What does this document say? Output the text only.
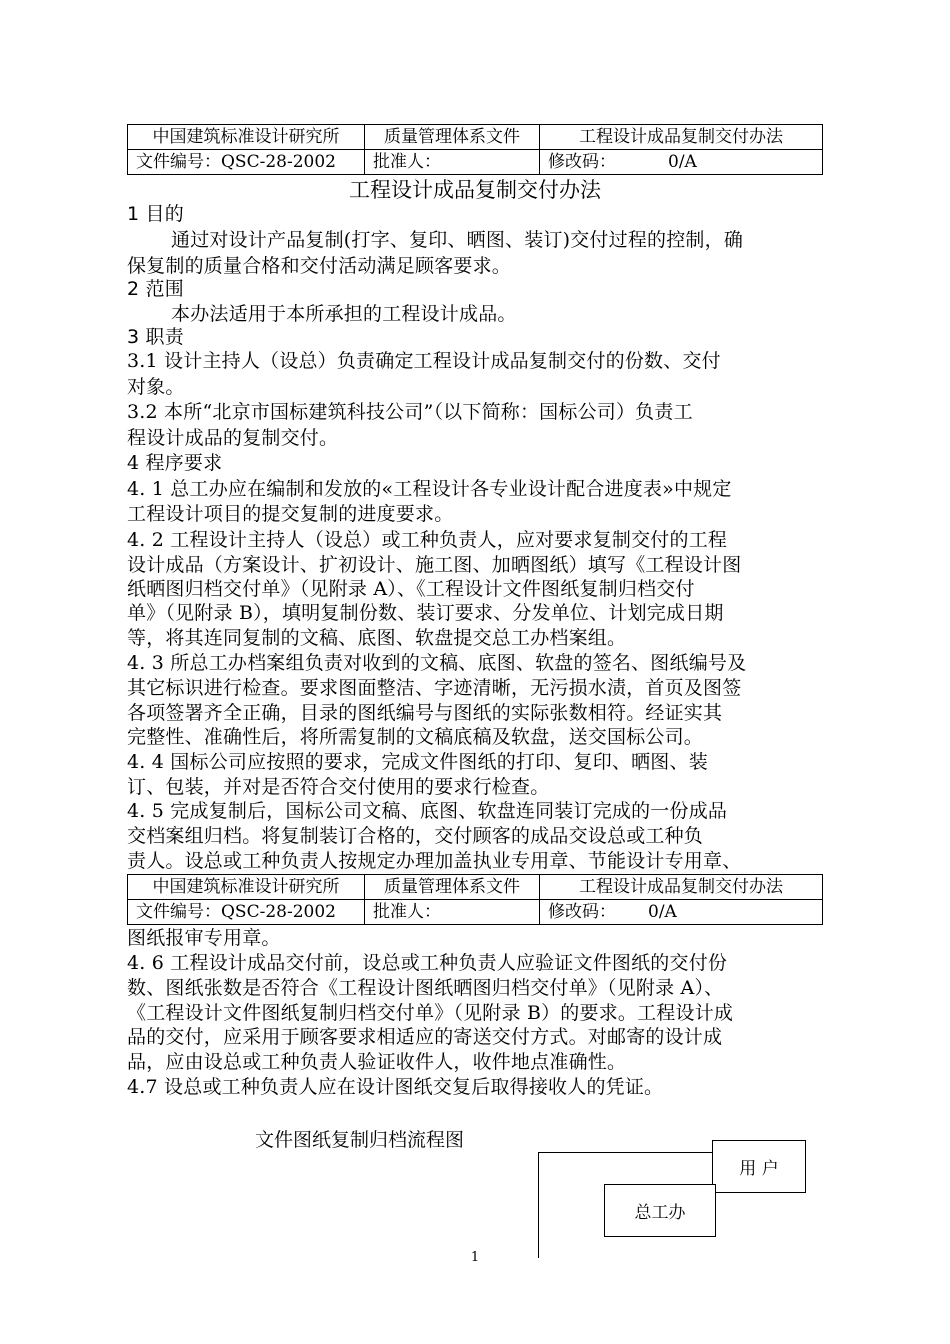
中国建筑标准设计研究所	质量管理体系文件	工程设计成品复制交付办法
文件编号：QSC-28-2002	批准人：	修改码： 0/A
工程设计成品复制交付办法
1 目的
通过对设计产品复制(打字、复印、晒图、装订)交付过程的控制，确
保复制的质量合格和交付活动满足顾客要求。
2 范围
本办法适用于本所承担的工程设计成品。
3 职责
3.1 设计主持人（设总）负责确定工程设计成品复制交付的份数、交付
对象。
3.2 本所“北京市国标建筑科技公司”（以下简称：国标公司）负责工
程设计成品的复制交付。
4 程序要求
4. 1 总工办应在编制和发放的«工程设计各专业设计配合进度表»中规定
工程设计项目的提交复制的进度要求。
4. 2 工程设计主持人（设总）或工种负责人，应对要求复制交付的工程
设计成品（方案设计、扩初设计、施工图、加晒图纸）填写《工程设计图
纸晒图归档交付单》（见附录 A）、《工程设计文件图纸复制归档交付
单》（见附录 B），填明复制份数、装订要求、分发单位、计划完成日期
等，将其连同复制的文稿、底图、软盘提交总工办档案组。
4. 3 所总工办档案组负责对收到的文稿、底图、软盘的签名、图纸编号及
其它标识进行检查。要求图面整洁、字迹清晰，无污损水渍，首页及图签
各项签署齐全正确，目录的图纸编号与图纸的实际张数相符。经证实其
完整性、准确性后，将所需复制的文稿底稿及软盘，送交国标公司。
4. 4 国标公司应按照的要求，完成文件图纸的打印、复印、晒图、装
订、包装，并对是否符合交付使用的要求行检查。
4. 5 完成复制后，国标公司文稿、底图、软盘连同装订完成的一份成品
交档案组归档。将复制装订合格的，交付顾客的成品交设总或工种负
责人。设总或工种负责人按规定办理加盖执业专用章、节能设计专用章、
中国建筑标准设计研究所	质量管理体系文件	工程设计成品复制交付办法
文件编号：QSC-28-2002	批准人：	修改码： 0/A
图纸报审专用章。
4. 6 工程设计成品交付前，设总或工种负责人应验证文件图纸的交付份
数、图纸张数是否符合《工程设计图纸晒图归档交付单》（见附录 A）、
《工程设计文件图纸复制归档交付单》（见附录 B）的要求。工程设计成
品的交付，应采用于顾客要求相适应的寄送交付方式。对邮寄的设计成
品，应由设总或工种负责人验证收件人，收件地点准确性。
4.7 设总或工种负责人应在设计图纸交复后取得接收人的凭证。
文件图纸复制归档流程图
用 户
总工办
1
